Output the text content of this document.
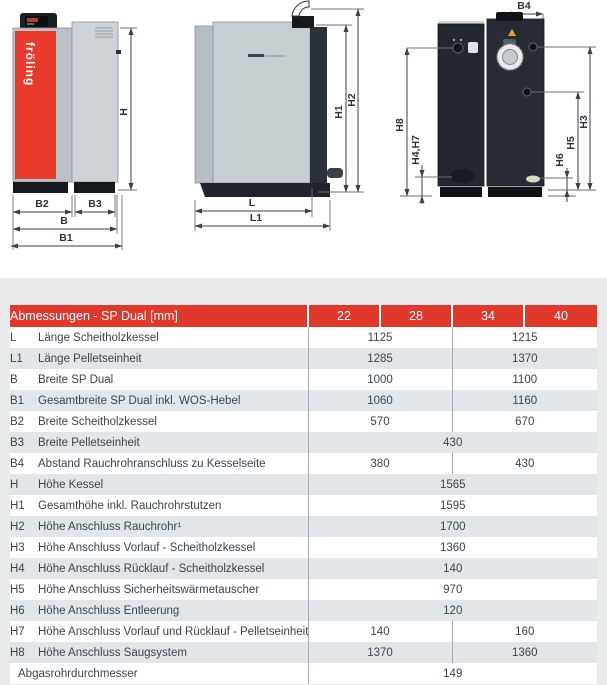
fröling
H
B2	B3
B
B1
L
L1
H1
H2
B4
H8
H4,H7
H3
H5
H6
Abmessungen - SP Dual [mm]		22	28	34	40
L	Länge Scheitholzkessel	1125		1215	
L1	Länge Pelletseinheit	1285		1370	
B	Breite SP Dual	1000		1100	
B1	Gesamtbreite SP Dual inkl. WOS-Hebel	1060		1160	
B2	Breite Scheitholzkessel	570		670	
B3	Breite Pelletseinheit	430			
B4	Abstand Rauchrohranschluss zu Kesselseite	380		430	
H	Höhe Kessel	1565			
H1	Gesamthöhe inkl. Rauchrohrstutzen	1595			
H2	Höhe Anschluss Rauchrohr¹	1700			
H3	Höhe Anschluss Vorlauf - Scheitholzkessel	1360			
H4	Höhe Anschluss Rücklauf - Scheitholzkessel	140			
H5	Höhe Anschluss Sicherheitswärmetauscher	970			
H6	Höhe Anschluss Entleerung	120			
H7	Höhe Anschluss Vorlauf und Rücklauf - Pelletseinheit	140		160	
H8	Höhe Anschluss Saugsystem	1370		1360	
Abgasrohrdurchmesser		149			
